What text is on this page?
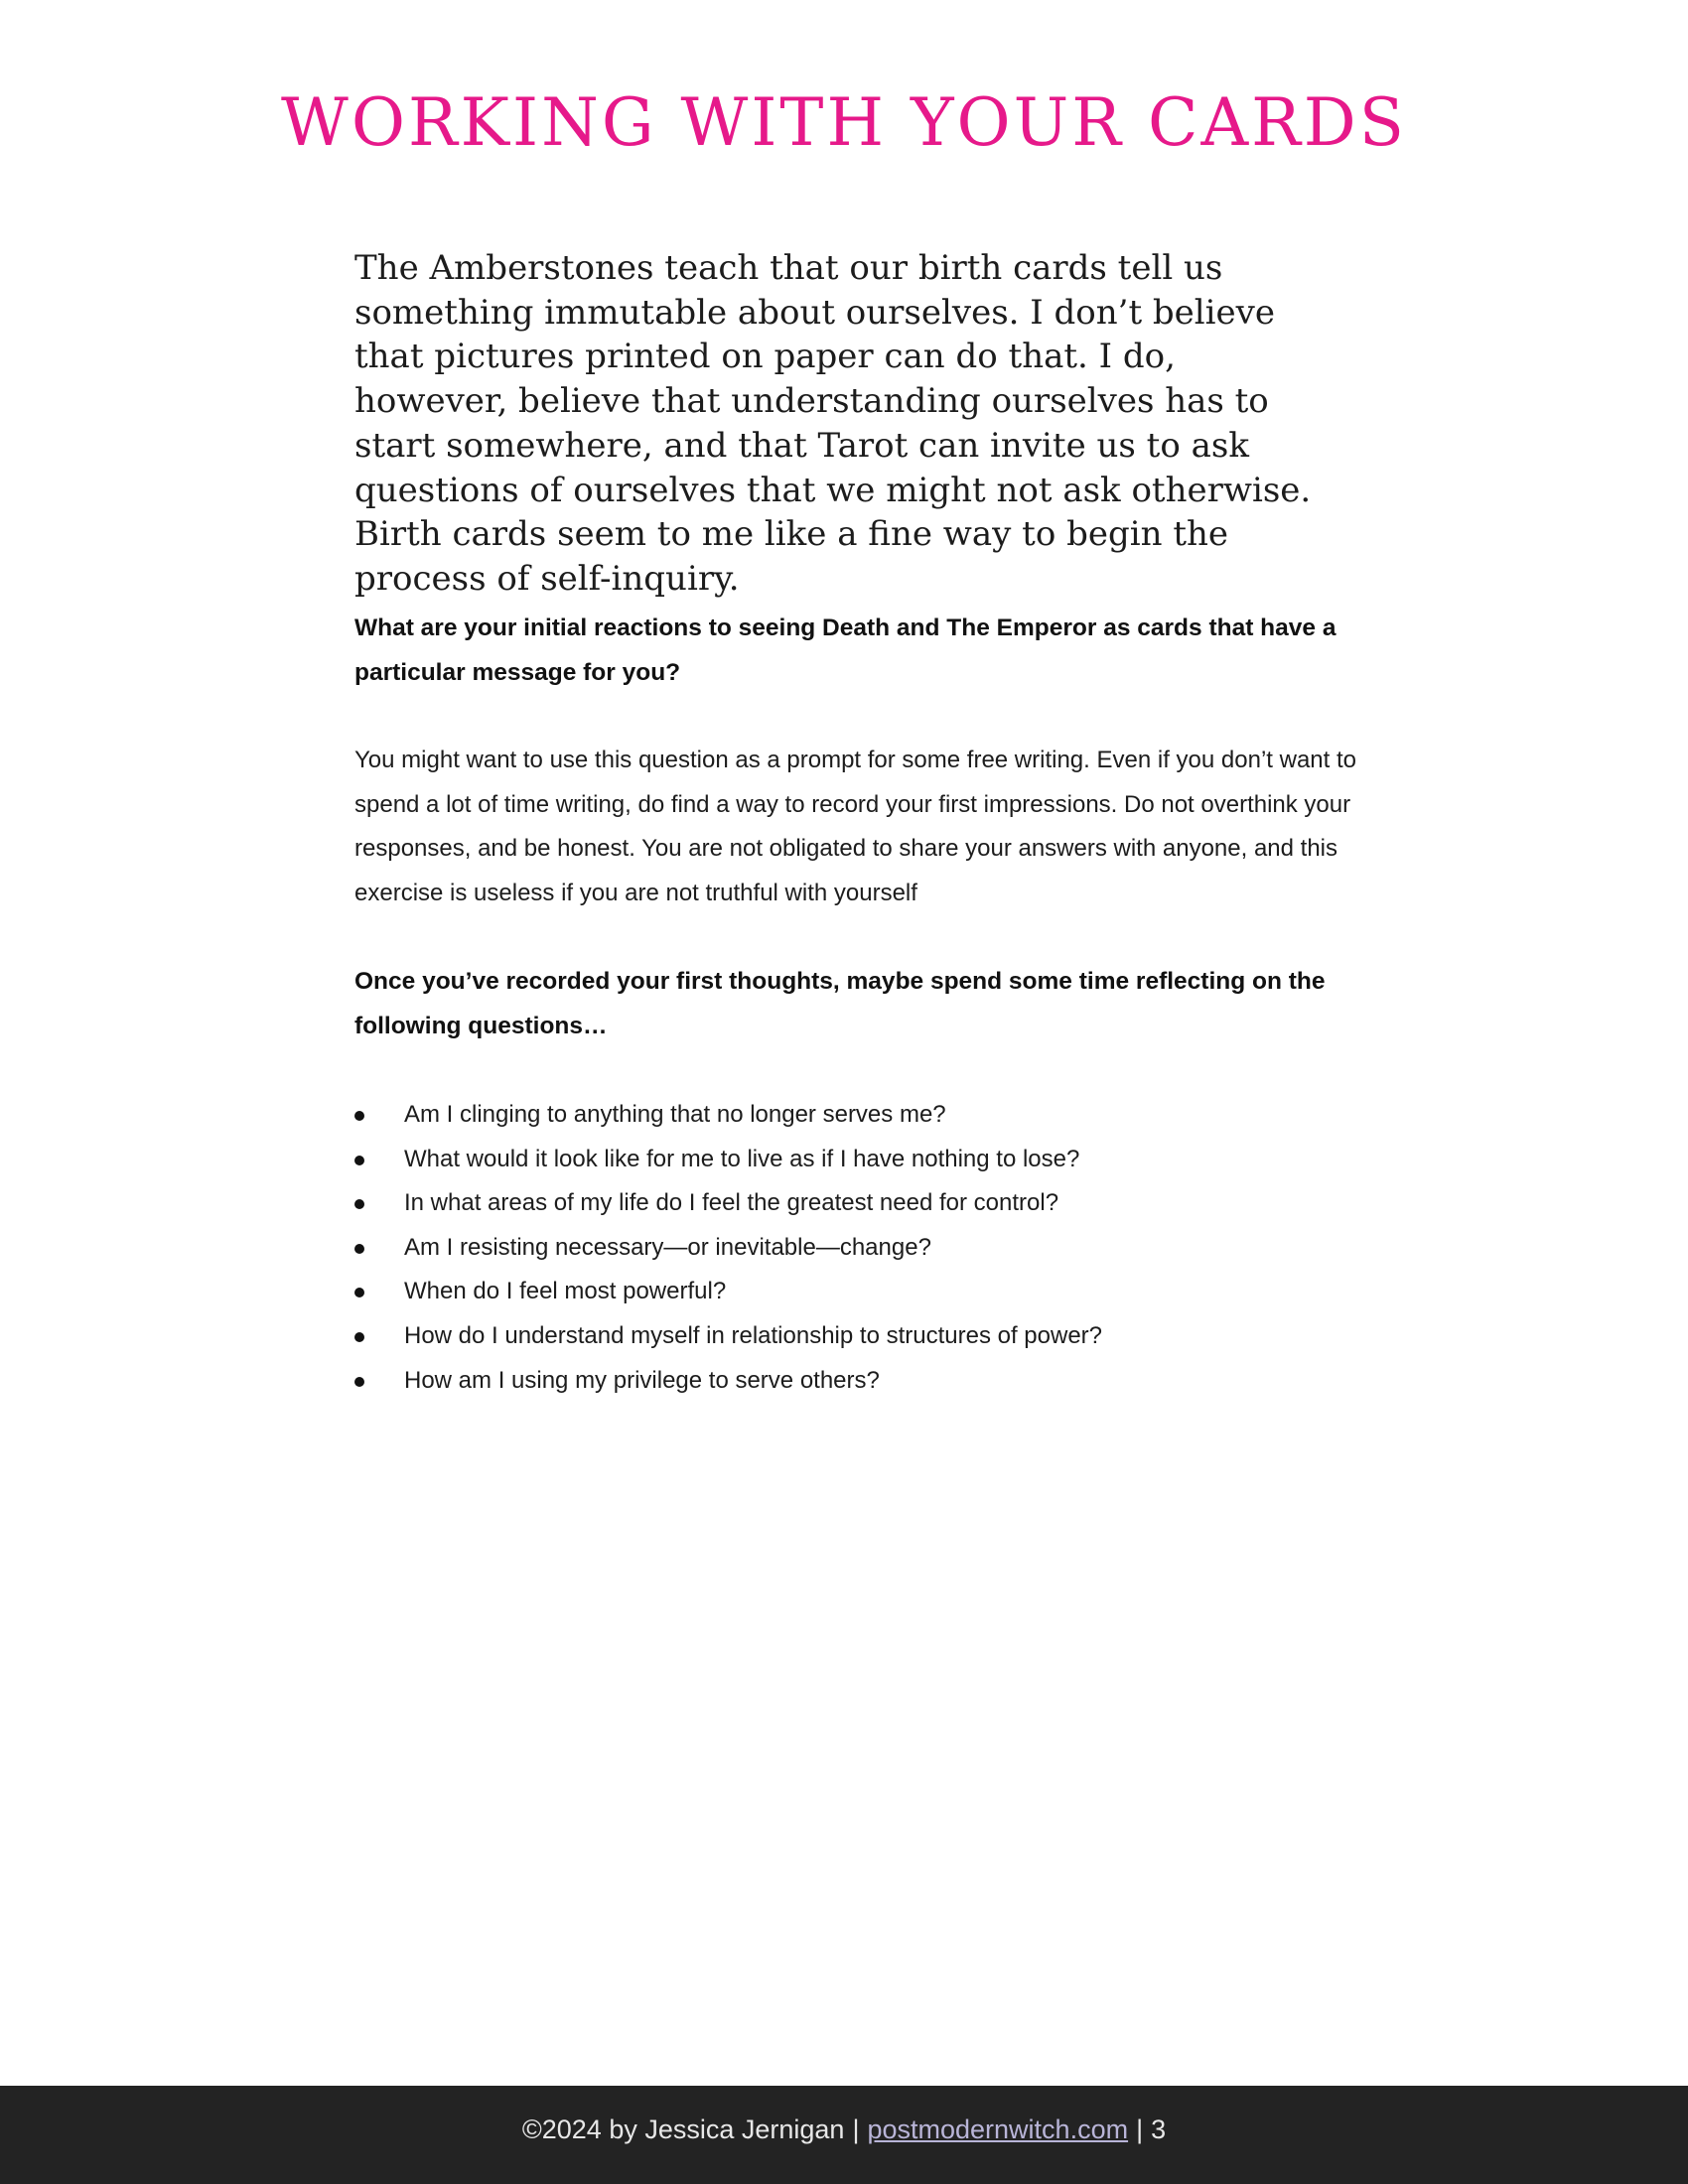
WORKING WITH YOUR CARDS

The Amberstones teach that our birth cards tell us something immutable about ourselves. I don’t believe that pictures printed on paper can do that. I do, however, believe that understanding ourselves has to start somewhere, and that Tarot can invite us to ask questions of ourselves that we might not ask otherwise. Birth cards seem to me like a fine way to begin the process of self-inquiry.

What are your initial reactions to seeing Death and The Emperor as cards that have a particular message for you?

You might want to use this question as a prompt for some free writing. Even if you don’t want to spend a lot of time writing, do find a way to record your first impressions. Do not overthink your responses, and be honest. You are not obligated to share your answers with anyone, and this exercise is useless if you are not truthful with yourself

Once you’ve recorded your first thoughts, maybe spend some time reflecting on the following questions…

Am I clinging to anything that no longer serves me?
What would it look like for me to live as if I have nothing to lose?
In what areas of my life do I feel the greatest need for control?
Am I resisting necessary—or inevitable—change?
When do I feel most powerful?
How do I understand myself in relationship to structures of power?
How am I using my privilege to serve others?
©2024 by Jessica Jernigan | postmodernwitch.com | 3
